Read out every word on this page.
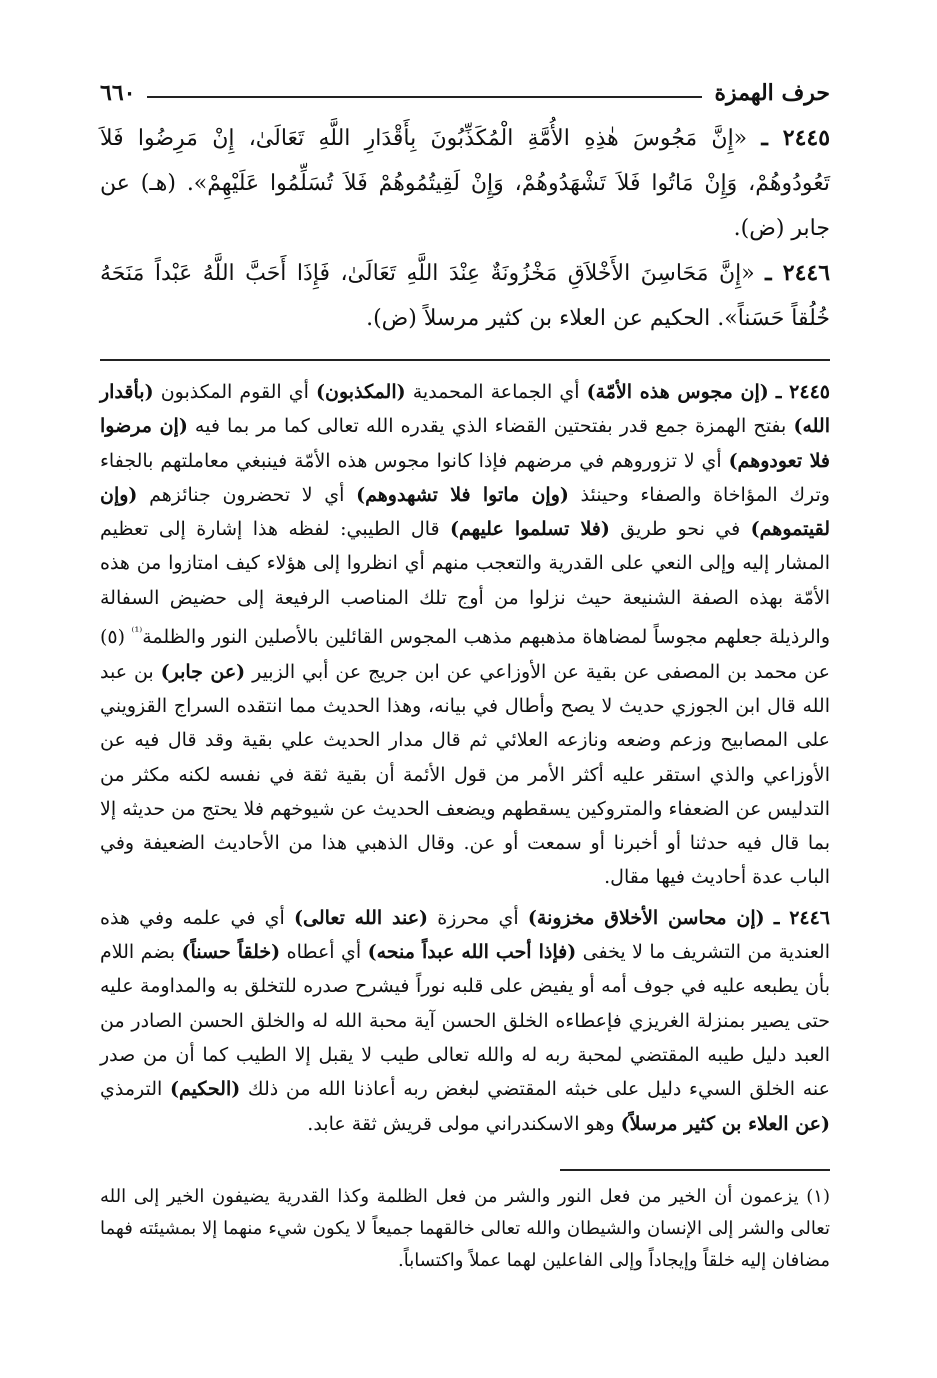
حرف الهمزة
٦٦٠

٢٤٤٥ ـ «إِنَّ مَجُوسَ هٰذِهِ الأُمَّةِ الْمُكَذِّبُونَ بِأَقْدَارِ اللَّهِ تَعَالَىٰ، إِنْ مَرِضُوا فَلاَ تَعُودُوهُمْ، وَإِنْ مَاتُوا فَلاَ تَشْهَدُوهُمْ، وَإِنْ لَقِيتُمُوهُمْ فَلاَ تُسَلِّمُوا عَلَيْهِمْ». (هـ) عن جابر (ض).

٢٤٤٦ ـ «إِنَّ مَحَاسِنَ الأَخْلاَقِ مَخْزُونَةٌ عِنْدَ اللَّهِ تَعَالَىٰ، فَإِذَا أَحَبَّ اللَّهُ عَبْداً مَنَحَهُ خُلُقاً حَسَناً». الحكيم عن العلاء بن كثير مرسلاً (ض).

٢٤٤٥ ـ (إن مجوس هذه الأمّة) أي الجماعة المحمدية (المكذبون) أي القوم المكذبون (بأقدار الله) بفتح الهمزة جمع قدر بفتحتين القضاء الذي يقدره الله تعالى كما مر بما فيه (إن مرضوا فلا تعودوهم) أي لا تزوروهم في مرضهم فإذا كانوا مجوس هذه الأمّة فينبغي معاملتهم بالجفاء وترك المؤاخاة والصفاء وحينئذ (وإن ماتوا فلا تشهدوهم) أي لا تحضرون جنائزهم (وإن لقيتموهم) في نحو طريق (فلا تسلموا عليهم) قال الطيبي: لفظه هذا إشارة إلى تعظيم المشار إليه وإلى النعي على القدرية والتعجب منهم أي انظروا إلى هؤلاء كيف امتازوا من هذه الأمّة بهذه الصفة الشنيعة حيث نزلوا من أوج تلك المناصب الرفيعة إلى حضيض السفالة والرذيلة جعلهم مجوساً لمضاهاة مذهبهم مذهب المجوس القائلين بالأصلين النور والظلمة$^{^{(1)}}$ (٥) عن محمد بن المصفى عن بقية عن الأوزاعي عن ابن جريج عن أبي الزبير (عن جابر) بن عبد الله قال ابن الجوزي حديث لا يصح وأطال في بيانه، وهذا الحديث مما انتقده السراج القزويني على المصابيح وزعم وضعه ونازعه العلائي ثم قال مدار الحديث علي بقية وقد قال فيه عن الأوزاعي والذي استقر عليه أكثر الأمر من قول الأئمة أن بقية ثقة في نفسه لكنه مكثر من التدليس عن الضعفاء والمتروكين يسقطهم ويضعف الحديث عن شيوخهم فلا يحتج من حديثه إلا بما قال فيه حدثنا أو أخبرنا أو سمعت أو عن. وقال الذهبي هذا من الأحاديث الضعيفة وفي الباب عدة أحاديث فيها مقال.

٢٤٤٦ ـ (إن محاسن الأخلاق مخزونة) أي محرزة (عند الله تعالى) أي في علمه وفي هذه العندية من التشريف ما لا يخفى (فإذا أحب الله عبداً منحه) أي أعطاه (خلقاً حسناً) بضم اللام بأن يطبعه عليه في جوف أمه أو يفيض على قلبه نوراً فيشرح صدره للتخلق به والمداومة عليه حتى يصير بمنزلة الغريزي فإعطاءه الخلق الحسن آية محبة الله له والخلق الحسن الصادر من العبد دليل طيبه المقتضي لمحبة ربه له والله تعالى طيب لا يقبل إلا الطيب كما أن من صدر عنه الخلق السيء دليل على خبثه المقتضي لبغض ربه أعاذنا الله من ذلك (الحكيم) الترمذي (عن العلاء بن كثير مرسلاً) وهو الاسكندراني مولى قريش ثقة عابد.

(١) يزعمون أن الخير من فعل النور والشر من فعل الظلمة وكذا القدرية يضيفون الخير إلى الله تعالى والشر إلى الإنسان والشيطان والله تعالى خالقهما جميعاً لا يكون شيء منهما إلا بمشيئته فهما مضافان إليه خلقاً وإيجاداً وإلى الفاعلين لهما عملاً واكتساباً.
